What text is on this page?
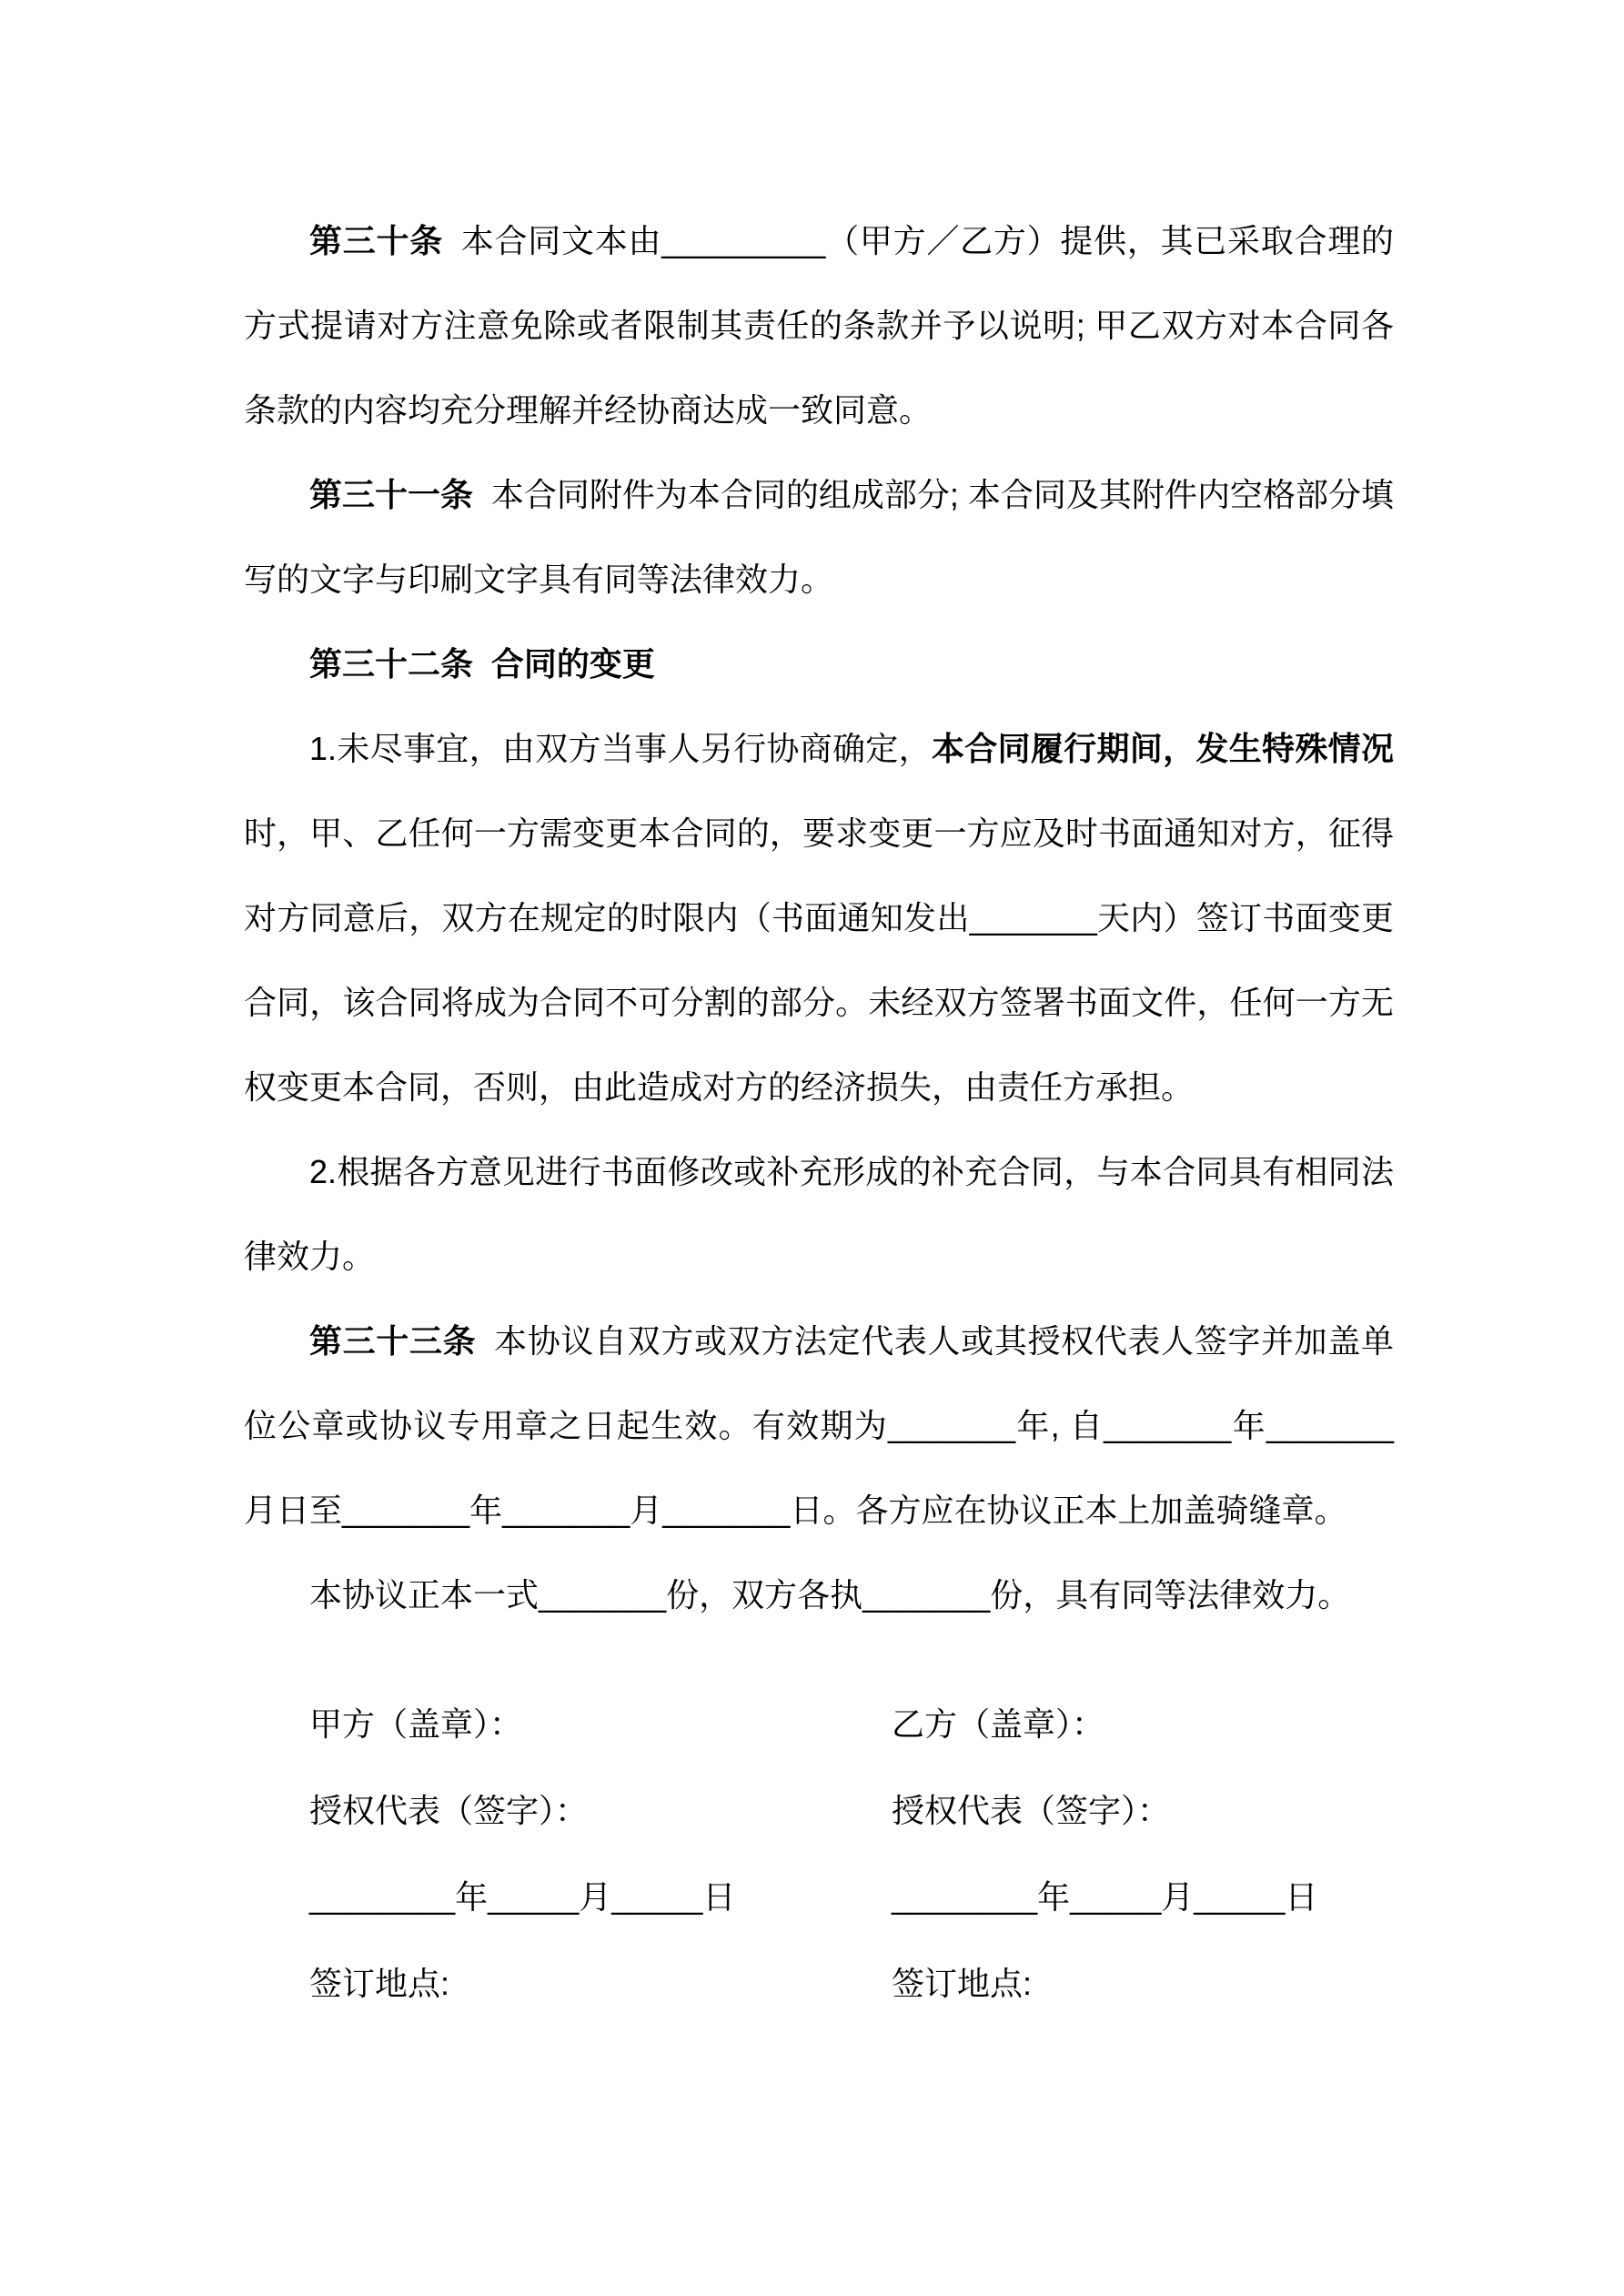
第三十条 本合同文本由_________（甲方／乙方）提供，其已采取合理的方式提请对方注意免除或者限制其责任的条款并予以说明; 甲乙双方对本合同各条款的内容均充分理解并经协商达成一致同意。

第三十一条 本合同附件为本合同的组成部分; 本合同及其附件内空格部分填写的文字与印刷文字具有同等法律效力。

第三十二条 合同的变更

1.未尽事宜，由双方当事人另行协商确定，本合同履行期间，发生特殊情况时，甲、乙任何一方需变更本合同的，要求变更一方应及时书面通知对方，征得对方同意后，双方在规定的时限内（书面通知发出_______天内）签订书面变更合同，该合同将成为合同不可分割的部分。未经双方签署书面文件，任何一方无权变更本合同，否则，由此造成对方的经济损失，由责任方承担。

2.根据各方意见进行书面修改或补充形成的补充合同，与本合同具有相同法律效力。

第三十三条 本协议自双方或双方法定代表人或其授权代表人签字并加盖单位公章或协议专用章之日起生效。有效期为_______年, 自_______年_______月日至_______年_______月_______日。各方应在协议正本上加盖骑缝章。

本协议正本一式_______份，双方各执_______份，具有同等法律效力。

甲方（盖章）：	乙方（盖章）：
授权代表（签字）：	授权代表（签字）：
________年_____月_____日	________年_____月_____日
签订地点:	签订地点:
